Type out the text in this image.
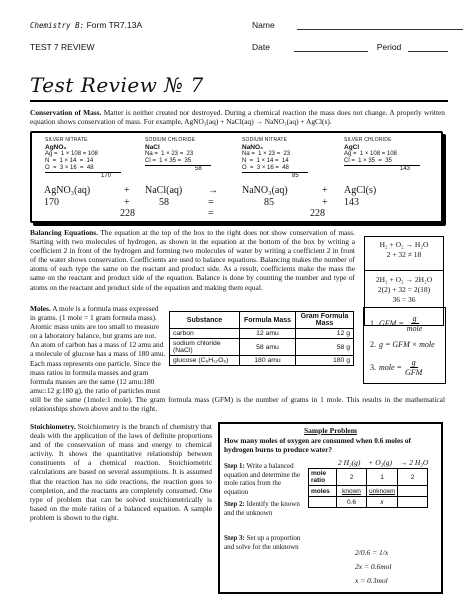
Chemistry B: Form TR7.13A
TEST 7 REVIEW
Name
Date	Period
Test Review № 7
Conservation of Mass. Matter is neither created nor destroyed. During a chemical reaction the mass does not change. A properly written equation shows conservation of mass. For example, AgNO₃(aq) + NaCl(aq) → NaNO₃(aq) + AgCl(s).
SILVER NITRATE
AgNO₃
Ag =  1 × 108 = 108
N  =  1 × 14  =  14
O  =  3 × 16  =  48
170
SODIUM CHLORIDE
NaCl
Na =  1 × 23 =  23
Cl =  1 × 35 =  35
58
SODIUM NITRATE
NaNO₃
Na =  1 × 23 =  23
N  =  1 × 14 =  14
O  =  3 × 16 =  48
85
SILVER CHLORIDE
AgCl
Ag =  1 × 108 = 108
Cl =  1 × 35  =  35
143
AgNO₃(aq)	+ NaCl(aq)	→ NaNO₃(aq)	+ AgCl(s)
170	+	58	=	85	+ 143
228	=	228
Balancing Equations. The equation at the top of the box to the right does not show conservation of mass. Starting with two molecules of hydrogen, as shown in the equation at the bottom of the box by writing a coefficient 2 in front of the hydrogen and forming two molecules of water by writing a coefficient 2 in front of the water shows conservation. Coefficients are used to balance equations. Balancing makes the number of atoms of each type the same on the reactant and product side. As a result, coefficients make the mass the same on the reactant and product side of the equation. Balance is done by counting the number and type of atoms on the reactant and product side of the equation and making them equal.
H₂ + O₂ → H₂O
2 + 32 ≠ 18
2H₂ + O₂ → 2H₂O
2(2) + 32 = 2(18)
36 = 36
Moles. A mole is a formula mass expressed in grams. (1 mole = 1 gram formula mass). Atomic mass units are too small to measure on a laboratory balance, but grams are not. An atom of carbon has a mass of 12 amu and a molecule of glucose has a mass of 180 amu. Each mass represents one particle. Since the mass ratios in formula masses and gram formula masses are the same (12 amu:180 amu::12 g:180 g), the ratio of particles must
still be the same (1mole:1 mole). The gram formula mass (GFM) is the number of grams in 1 mole. This results in the mathematical relationships shown above and to the right.
Substance	Formula Mass	Gram Formula Mass
carbon	12 amu	12 g
sodium chloride (NaCl)	58 amu	58 g
glucose (C₆H₁₂O₆)	180 amu	180 g
1. GFM = $\frac{g}{\text{mole}}$
2. g = GFM × mole
3. mole = $\frac{g}{\text{GFM}}$
Stoichiometry. Stoichiometry is the branch of chemistry that deals with the application of the laws of definite proportions and of the conservation of mass and energy to chemical activity. It shows the quantitative relationship between constituents of a chemical reaction. Stoichiometric calculations are based on several assumptions. It is assumed that the reaction has no side reactions, the reaction goes to completion, and the reactants are completely consumed. One type of problem that can be solved stoichiometrically is based on the mole ratios of a balanced equation. A sample problem is shown to the right.
Sample Problem
How many moles of oxygen are consumed when 0.6 moles of hydrogen burns to produce water?
Step 1: Write a balanced equation and determine the mole ratios from the equation
Step 2: Identify the known and the unknown
Step 3: Set up a proportion and solve for the unknown
2 H₂(g) + O₂(g) → 2 H₂O
mole ratio	2	1	2
moles	known	unknown	
	0.6	x	
2/0.6 = 1/x
2x = 0.6mol
x = 0.3mol
